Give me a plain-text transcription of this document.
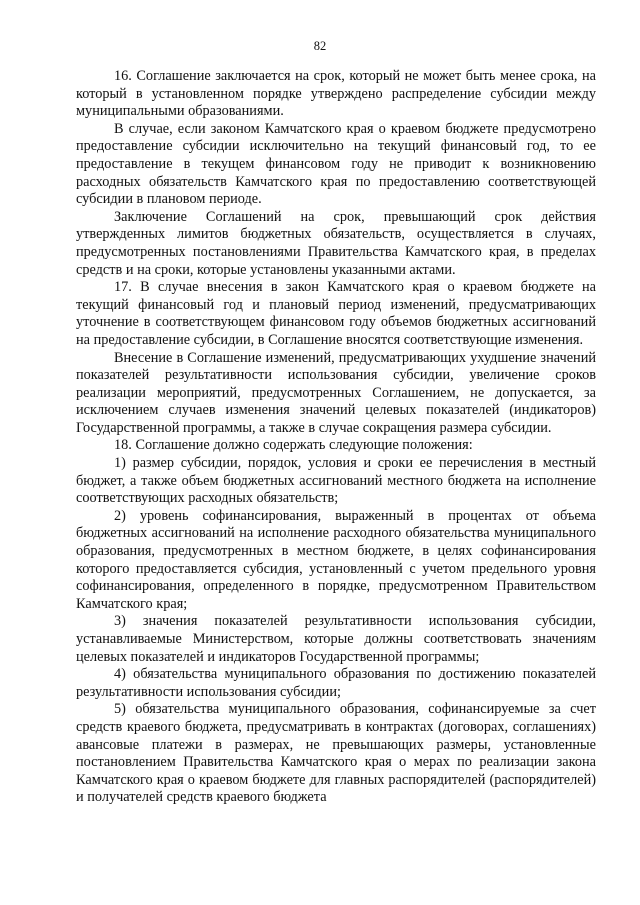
82

16. Соглашение заключается на срок, который не может быть менее срока, на который в установленном порядке утверждено распределение субсидии между муниципальными образованиями.

В случае, если законом Камчатского края о краевом бюджете предусмотрено предоставление субсидии исключительно на текущий финансовый год, то ее предоставление в текущем финансовом году не приводит к возникновению расходных обязательств Камчатского края по предоставлению соответствующей субсидии в плановом периоде.

Заключение Соглашений на срок, превышающий срок действия утвержденных лимитов бюджетных обязательств, осуществляется в случаях, предусмотренных постановлениями Правительства Камчатского края, в пределах средств и на сроки, которые установлены указанными актами.

17. В случае внесения в закон Камчатского края о краевом бюджете на текущий финансовый год и плановый период изменений, предусматривающих уточнение в соответствующем финансовом году объемов бюджетных ассигнований на предоставление субсидии, в Соглашение вносятся соответствующие изменения.

Внесение в Соглашение изменений, предусматривающих ухудшение значений показателей результативности использования субсидии, увеличение сроков реализации мероприятий, предусмотренных Соглашением, не допускается, за исключением случаев изменения значений целевых показателей (индикаторов) Государственной программы, а также в случае сокращения размера субсидии.

18. Соглашение должно содержать следующие положения:

1) размер субсидии, порядок, условия и сроки ее перечисления в местный бюджет, а также объем бюджетных ассигнований местного бюджета на исполнение соответствующих расходных обязательств;

2) уровень софинансирования, выраженный в процентах от объема бюджетных ассигнований на исполнение расходного обязательства муниципального образования, предусмотренных в местном бюджете, в целях софинансирования которого предоставляется субсидия, установленный с учетом предельного уровня софинансирования, определенного в порядке, предусмотренном Правительством Камчатского края;

3) значения показателей результативности использования субсидии, устанавливаемые Министерством, которые должны соответствовать значениям целевых показателей и индикаторов Государственной программы;

4) обязательства муниципального образования по достижению показателей результативности использования субсидии;

5) обязательства муниципального образования, софинансируемые за счет средств краевого бюджета, предусматривать в контрактах (договорах, соглашениях) авансовые платежи в размерах, не превышающих размеры, установленные постановлением Правительства Камчатского края о мерах по реализации закона Камчатского края о краевом бюджете для главных распорядителей (распорядителей) и получателей средств краевого бюджета
